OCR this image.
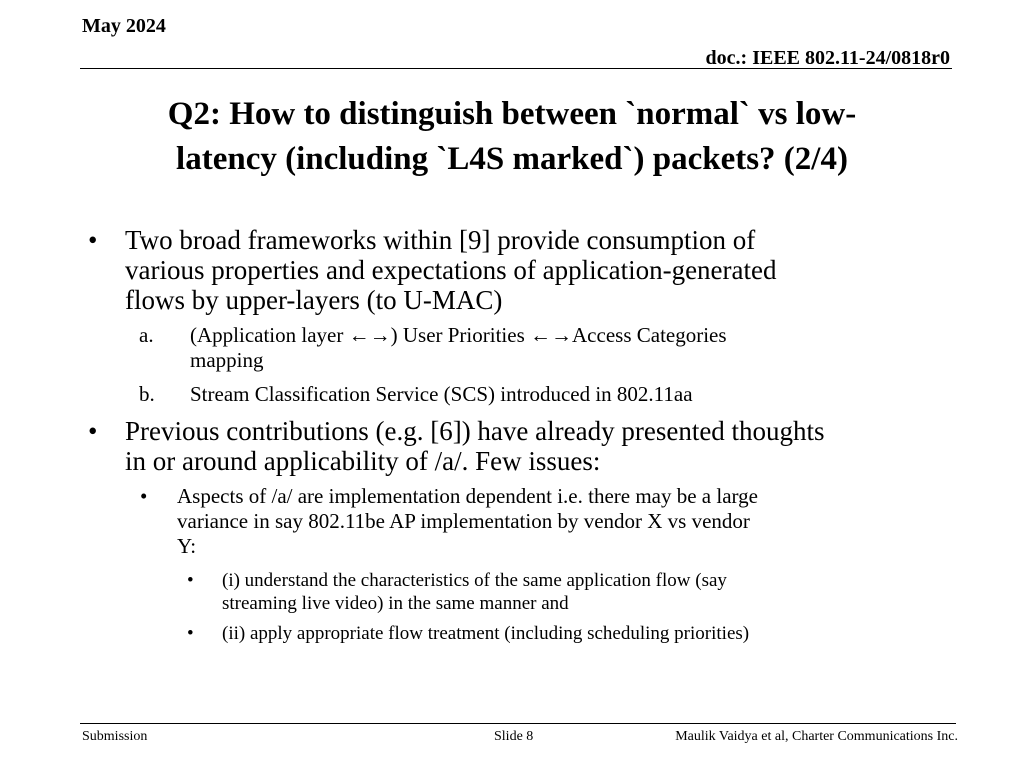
May 2024
doc.: IEEE 802.11-24/0818r0
Q2: How to distinguish between `normal` vs low-
latency (including `L4S marked`) packets? (2/4)
• Two broad frameworks within [9] provide consumption of
various properties and expectations of application-generated
flows by upper-layers (to U-MAC)
a. (Application layer ←→) User Priorities ←→Access Categories
mapping
b. Stream Classification Service (SCS) introduced in 802.11aa
• Previous contributions (e.g. [6]) have already presented thoughts
in or around applicability of /a/. Few issues:
• Aspects of /a/ are implementation dependent i.e. there may be a large
variance in say 802.11be AP implementation by vendor X vs vendor
Y:
• (i) understand the characteristics of the same application flow (say
streaming live video) in the same manner and
• (ii) apply appropriate flow treatment (including scheduling priorities)
Submission	Slide 8	Maulik Vaidya et al, Charter Communications Inc.
